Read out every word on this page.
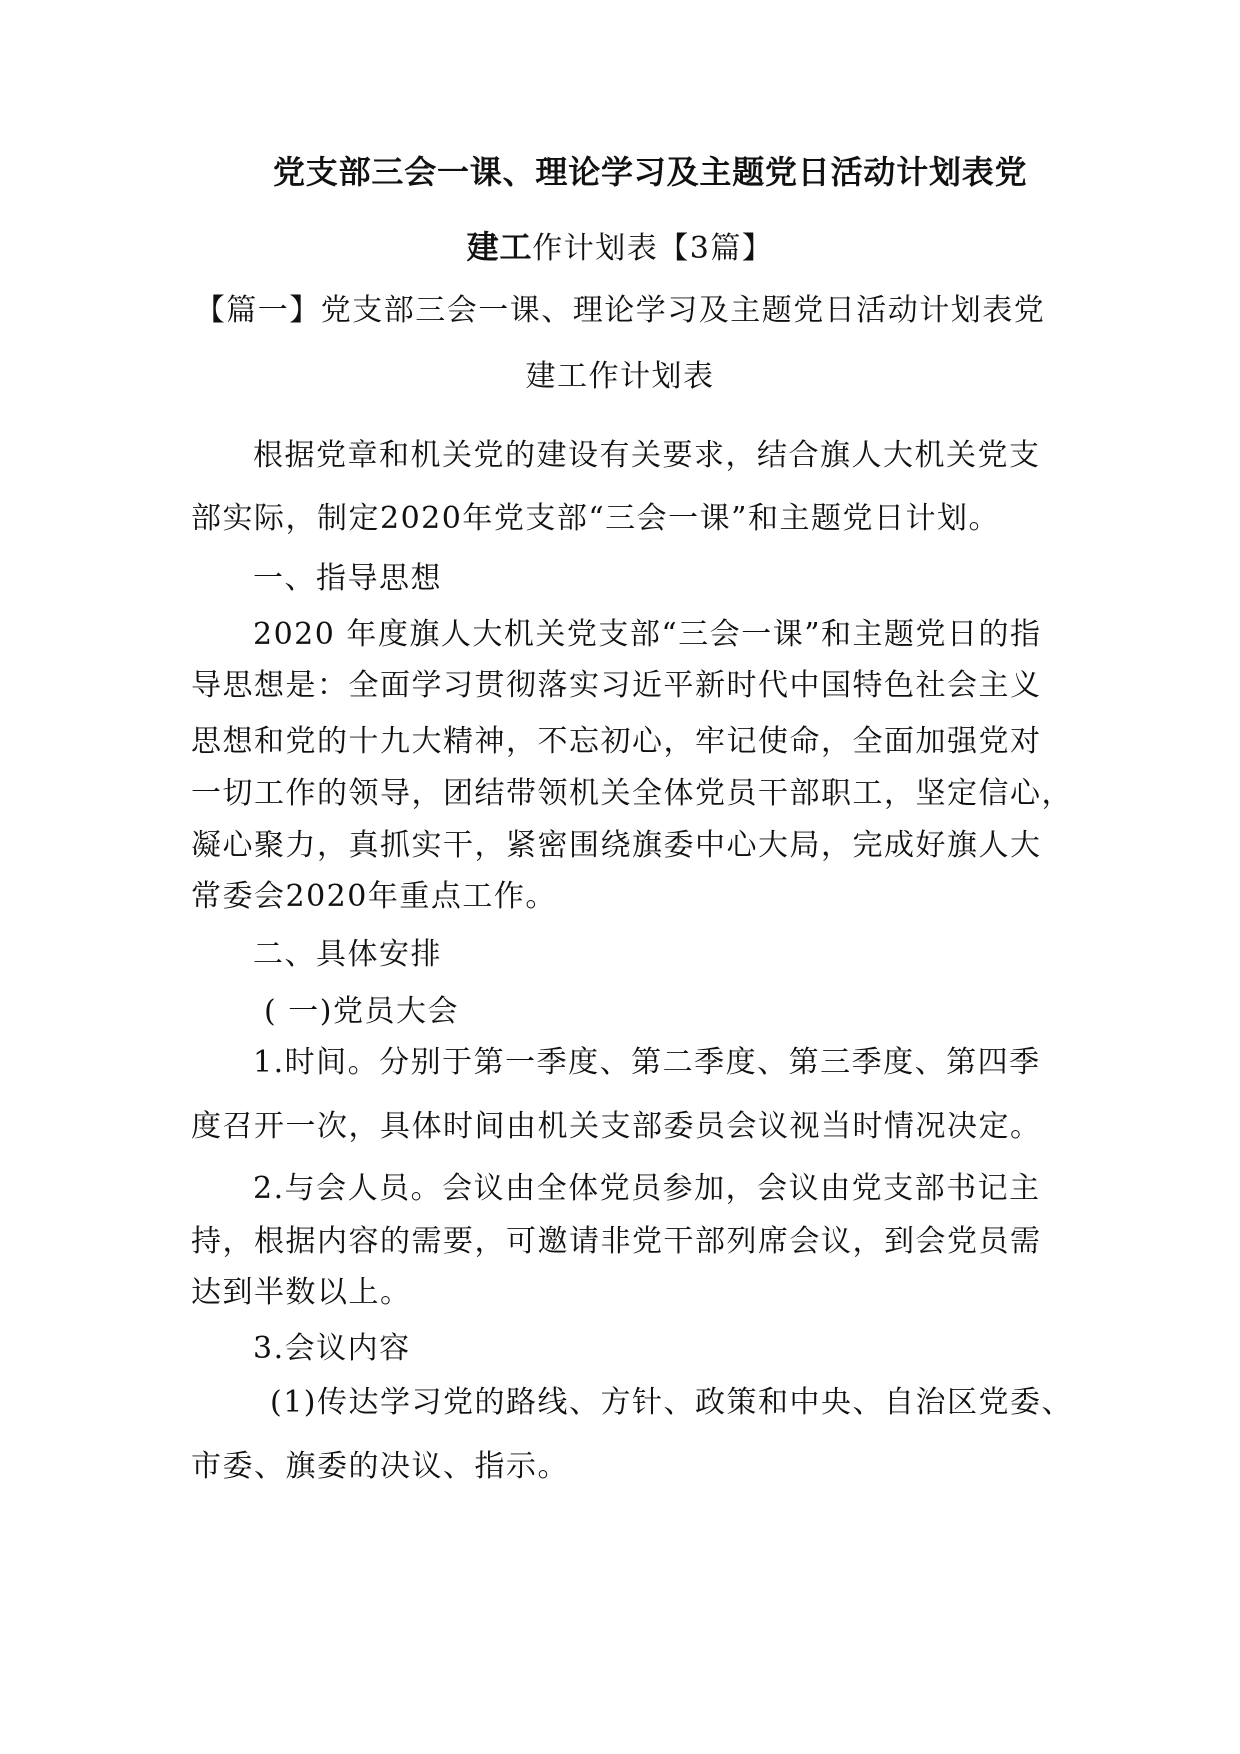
党支部三会一课、理论学习及主题党日活动计划表党
建工作计划表【3篇】
【篇一】党支部三会一课、理论学习及主题党日活动计划表党
建工作计划表
根据党章和机关党的建设有关要求，结合旗人大机关党支
部实际，制定2020年党支部“三会一课”和主题党日计划。
一、指导思想
2020 年度旗人大机关党支部“三会一课”和主题党日的指
导思想是：全面学习贯彻落实习近平新时代中国特色社会主义
思想和党的十九大精神，不忘初心，牢记使命，全面加强党对
一切工作的领导，团结带领机关全体党员干部职工，坚定信心，
凝心聚力，真抓实干，紧密围绕旗委中心大局，完成好旗人大
常委会2020年重点工作。
二、具体安排
( 一)党员大会
1.时间。分别于第一季度、第二季度、第三季度、第四季
度召开一次，具体时间由机关支部委员会议视当时情况决定。
2.与会人员。会议由全体党员参加，会议由党支部书记主
持，根据内容的需要，可邀请非党干部列席会议，到会党员需
达到半数以上。
3.会议内容
(1)传达学习党的路线、方针、政策和中央、自治区党委、
市委、旗委的决议、指示。
